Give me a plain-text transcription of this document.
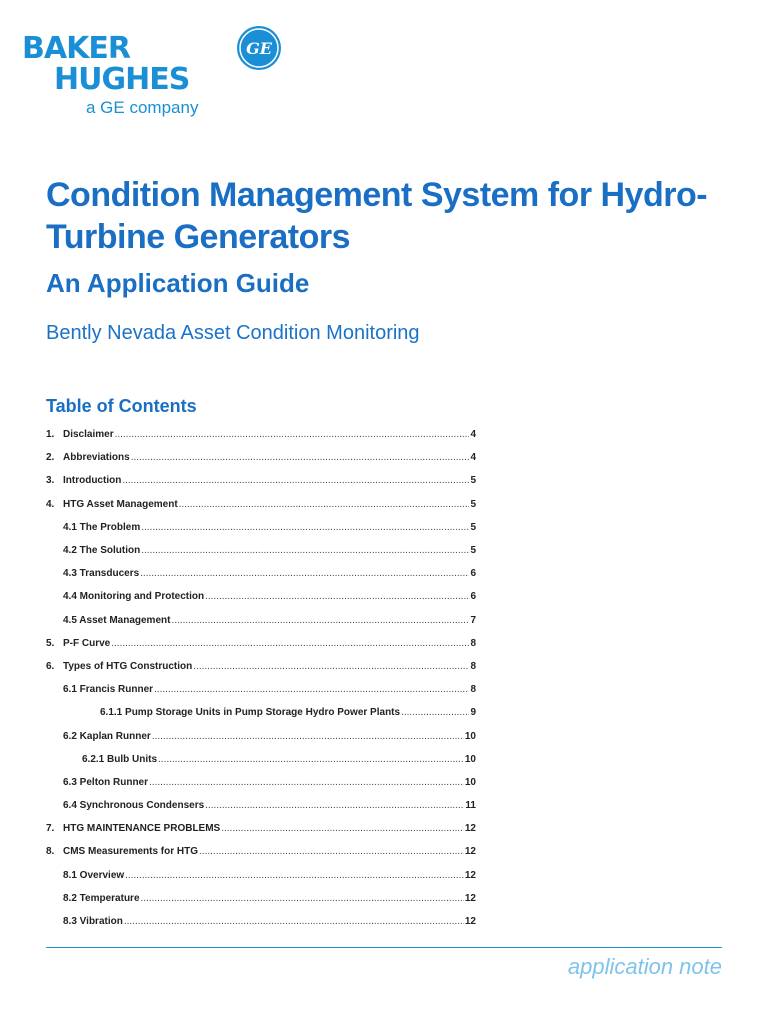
BAKER
HUGHES
a GE company
GE
Condition Management System for Hydro-Turbine Generators
An Application Guide

Bently Nevada Asset Condition Monitoring

Table of Contents
1. Disclaimer .....	4
2. Abbreviations .....	4
3. Introduction .....	5
4. HTG Asset Management .....	5
4.1 The Problem .....	5
4.2 The Solution .....	5
4.3 Transducers .....	6
4.4 Monitoring and Protection .....	6
4.5 Asset Management .....	7
5. P-F Curve .....	8
6. Types of HTG Construction .....	8
6.1 Francis Runner .....	8
6.1.1 Pump Storage Units in Pump Storage Hydro Power Plants .....	9
6.2 Kaplan Runner .....	10
6.2.1 Bulb Units .....	10
6.3 Pelton Runner .....	10
6.4 Synchronous Condensers .....	11
7. HTG MAINTENANCE PROBLEMS .....	12
8. CMS Measurements for HTG .....	12
8.1 Overview .....	12
8.2 Temperature .....	12
8.3 Vibration .....	12

application note
